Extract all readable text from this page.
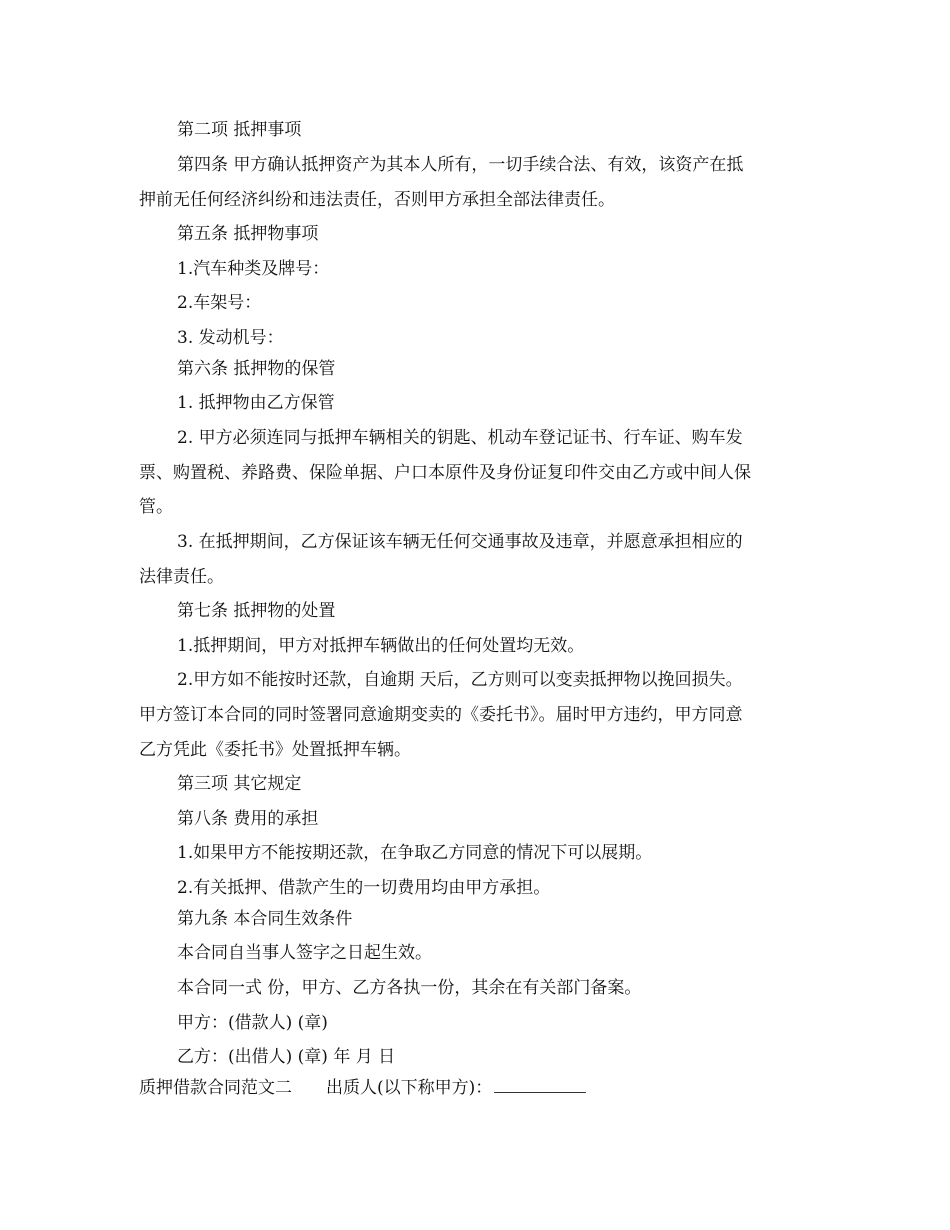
第二项 抵押事项
第四条 甲方确认抵押资产为其本人所有，一切手续合法、有效，该资产在抵
押前无任何经济纠纷和违法责任，否则甲方承担全部法律责任。
第五条 抵押物事项
1.汽车种类及牌号：
2.车架号：
3. 发动机号：
第六条 抵押物的保管
1. 抵押物由乙方保管
2. 甲方必须连同与抵押车辆相关的钥匙、机动车登记证书、行车证、购车发
票、购置税、养路费、保险单据、户口本原件及身份证复印件交由乙方或中间人保
管。
3. 在抵押期间，乙方保证该车辆无任何交通事故及违章，并愿意承担相应的
法律责任。
第七条 抵押物的处置
1.抵押期间，甲方对抵押车辆做出的任何处置均无效。
2.甲方如不能按时还款，自逾期 天后，乙方则可以变卖抵押物以挽回损失。
甲方签订本合同的同时签署同意逾期变卖的《委托书》。届时甲方违约，甲方同意
乙方凭此《委托书》处置抵押车辆。
第三项 其它规定
第八条 费用的承担
1.如果甲方不能按期还款，在争取乙方同意的情况下可以展期。
2.有关抵押、借款产生的一切费用均由甲方承担。
第九条 本合同生效条件
本合同自当事人签字之日起生效。
本合同一式 份，甲方、乙方各执一份，其余在有关部门备案。
甲方：(借款人) (章)
乙方：(出借人) (章) 年 月 日
质押借款合同范文二 出质人(以下称甲方)：
